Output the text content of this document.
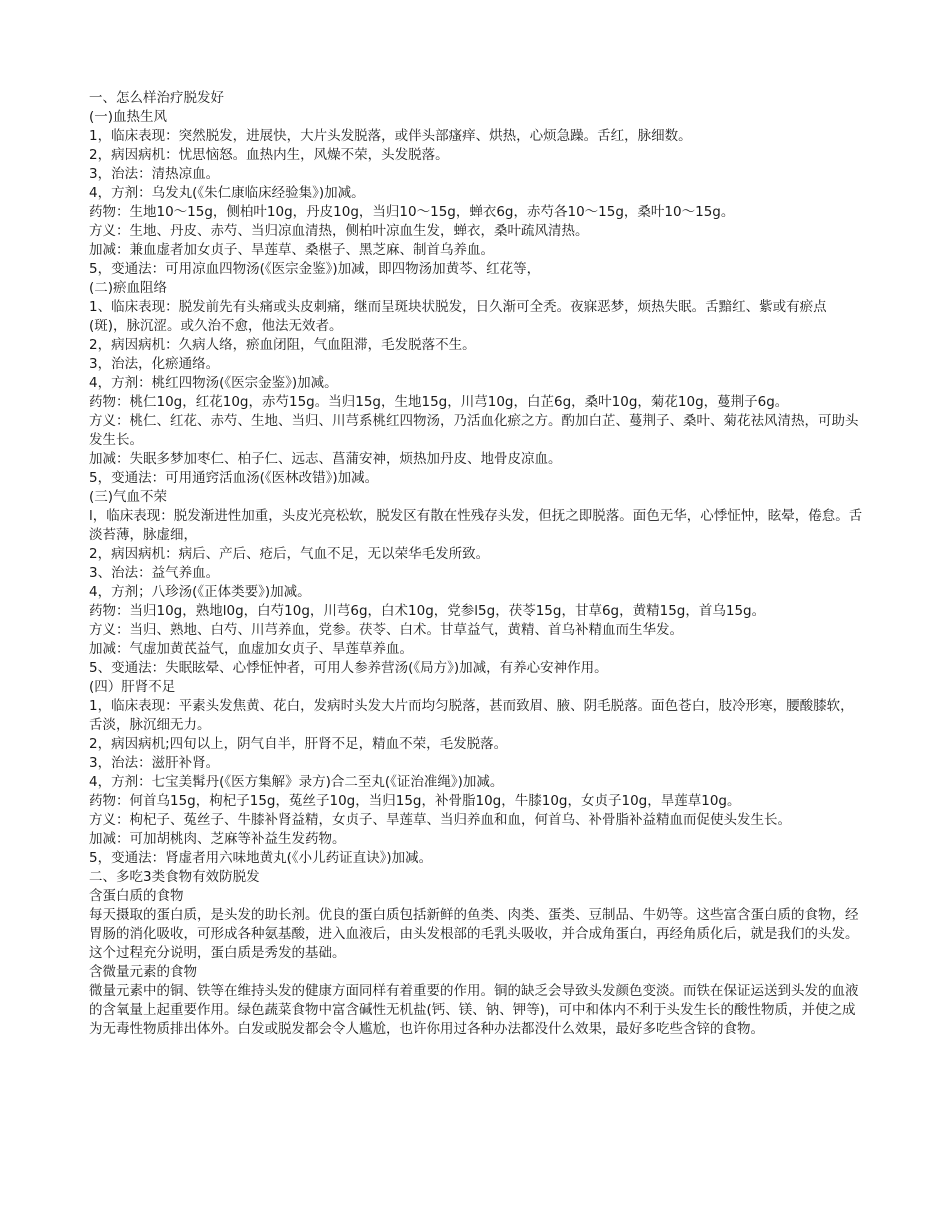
一、怎么样治疗脱发好

(一)血热生风

1，临床表现：突然脱发，进展快，大片头发脱落，或伴头部瘙痒、烘热，心烦急躁。舌红，脉细数。

2，病因病机：忧思恼怒。血热内生，风燥不荣，头发脱落。

3，治法：清热凉血。

4，方剂：乌发丸(《朱仁康临床经验集》)加减。

药物：生地10～15g，侧柏叶10g，丹皮10g，当归10～15g，蝉衣6g，赤芍各10～15g，桑叶10～15g。

方义：生地、丹皮、赤芍、当归凉血清热，侧柏叶凉血生发，蝉衣，桑叶疏风清热。

加减：兼血虚者加女贞子、旱莲草、桑椹子、黑芝麻、制首乌养血。

5，变通法：可用凉血四物汤(《医宗金鉴》)加减，即四物汤加黄芩、红花等，

(二)瘀血阻络

1、临床表现：脱发前先有头痛或头皮刺痛，继而呈斑块状脱发，日久渐可全秃。夜寐恶梦，烦热失眠。舌黯红、紫或有瘀点(斑)，脉沉涩。或久治不愈，他法无效者。

2，病因病机：久病人络，瘀血闭阻，气血阻滞，毛发脱落不生。

3，治法，化瘀通络。

4，方剂：桃红四物汤(《医宗金鉴》)加减。

药物：桃仁10g，红花10g，赤芍15g。当归15g，生地15g，川芎10g，白芷6g，桑叶10g，菊花10g，蔓荆子6g。

方义：桃仁、红花、赤芍、生地、当归、川芎系桃红四物汤，乃活血化瘀之方。酌加白芷、蔓荆子、桑叶、菊花祛风清热，可助头发生长。

加减：失眠多梦加枣仁、柏子仁、远志、菖蒲安神，烦热加丹皮、地骨皮凉血。

5，变通法：可用通窍活血汤(《医林改错》)加减。

(三)气血不荣

l，临床表现：脱发渐进性加重，头皮光亮松软，脱发区有散在性残存头发，但抚之即脱落。面色无华，心悸怔忡，眩晕，倦怠。舌淡苔薄，脉虚细，

2，病因病机：病后、产后、疮后，气血不足，无以荣华毛发所致。

3、治法：益气养血。

4，方剂；八珍汤(《正体类要》)加减。

药物：当归10g，熟地l0g，白芍10g，川芎6g，白术10g，党参l5g，茯苓15g，甘草6g，黄精15g，首乌15g。

方义：当归、熟地、白芍、川芎养血，党参。茯苓、白术。甘草益气，黄精、首乌补精血而生华发。

加减：气虚加黄芪益气，血虚加女贞子、旱莲草养血。

5、变通法：失眠眩晕、心悸怔忡者，可用人参养营汤(《局方》)加减，有养心安神作用。

(四）肝肾不足

1，临床表现：平素头发焦黄、花白，发病时头发大片而均匀脱落，甚而致眉、腋、阴毛脱落。面色苍白，肢冷形寒，腰酸膝软，舌淡，脉沉细无力。

2，病因病机;四旬以上，阴气自半，肝肾不足，精血不荣，毛发脱落。

3，治法：滋肝补肾。

4，方剂：七宝美髯丹(《医方集解》录方)合二至丸(《证治准绳》)加减。

药物：何首乌15g，枸杞子15g，菟丝子10g，当归15g，补骨脂10g，牛膝10g，女贞子10g，旱莲草10g。

方义：枸杞子、菟丝子、牛膝补肾益精，女贞子、旱莲草、当归养血和血，何首乌、补骨脂补益精血而促使头发生长。

加减：可加胡桃肉、芝麻等补益生发药物。

5，变通法：肾虚者用六味地黄丸(《小儿药证直诀》)加减。

二、多吃3类食物有效防脱发

含蛋白质的食物

每天摄取的蛋白质，是头发的助长剂。优良的蛋白质包括新鲜的鱼类、肉类、蛋类、豆制品、牛奶等。这些富含蛋白质的食物，经胃肠的消化吸收，可形成各种氨基酸，进入血液后，由头发根部的毛乳头吸收，并合成角蛋白，再经角质化后，就是我们的头发。这个过程充分说明，蛋白质是秀发的基础。

含微量元素的食物

微量元素中的铜、铁等在维持头发的健康方面同样有着重要的作用。铜的缺乏会导致头发颜色变淡。而铁在保证运送到头发的血液的含氧量上起重要作用。绿色蔬菜食物中富含碱性无机盐(钙、镁、钠、钾等)，可中和体内不利于头发生长的酸性物质，并使之成为无毒性物质排出体外。白发或脱发都会令人尴尬，也许你用过各种办法都没什么效果，最好多吃些含锌的食物。
